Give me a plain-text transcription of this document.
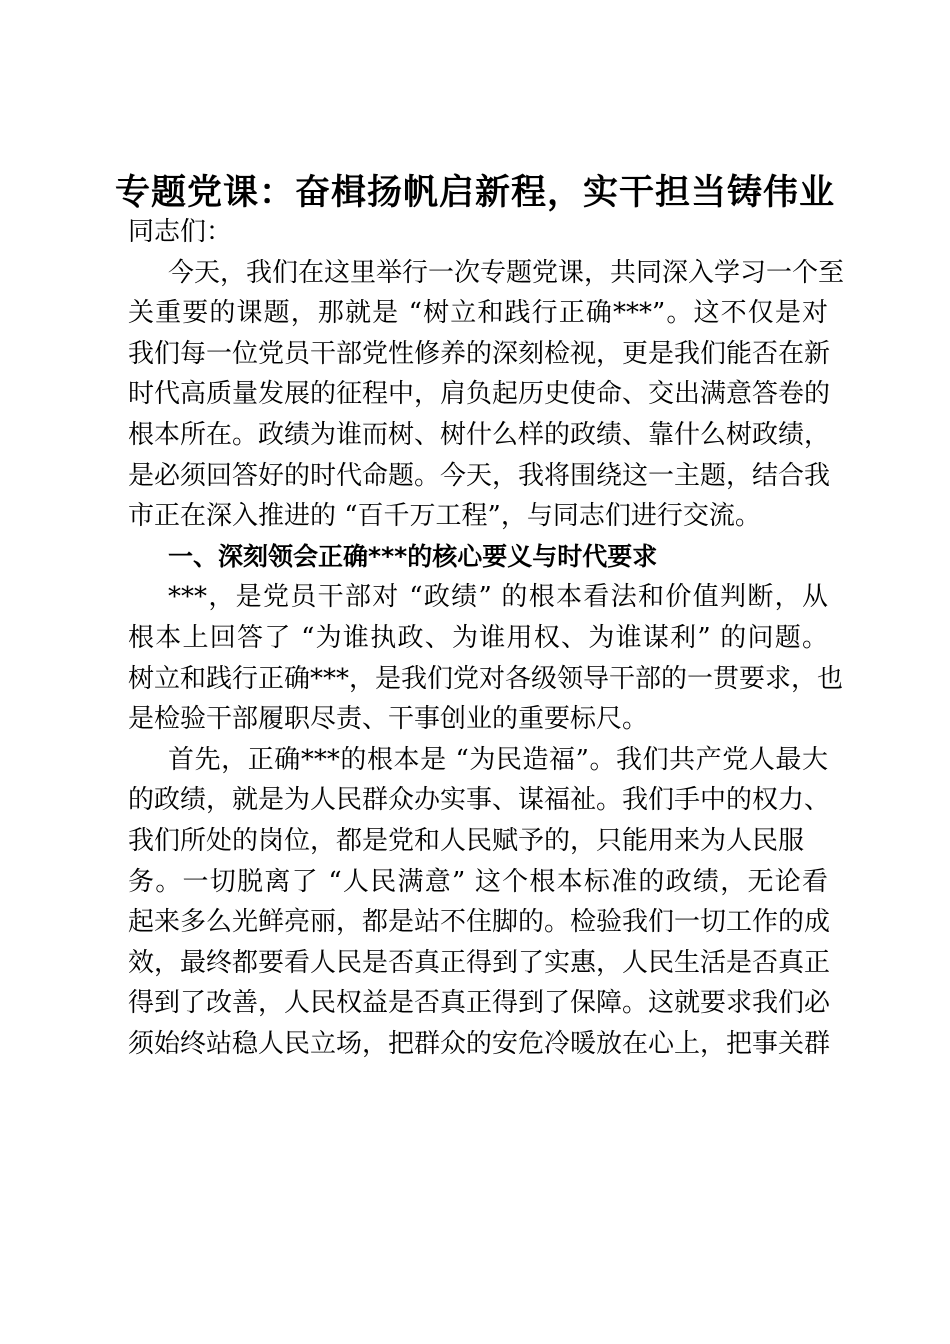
专题党课：奋楫扬帆启新程，实干担当铸伟业
同志们：
今天，我们在这里举行一次专题党课，共同深入学习一个至
关重要的课题，那就是 “树立和践行正确***”。这不仅是对
我们每一位党员干部党性修养的深刻检视，更是我们能否在新
时代高质量发展的征程中，肩负起历史使命、交出满意答卷的
根本所在。政绩为谁而树、树什么样的政绩、靠什么树政绩，
是必须回答好的时代命题。今天，我将围绕这一主题，结合我
市正在深入推进的 “百千万工程”，与同志们进行交流。
一、深刻领会正确***的核心要义与时代要求
***，是党员干部对 “政绩” 的根本看法和价值判断，从
根本上回答了 “为谁执政、为谁用权、为谁谋利” 的问题。
树立和践行正确***，是我们党对各级领导干部的一贯要求，也
是检验干部履职尽责、干事创业的重要标尺。
首先，正确***的根本是 “为民造福”。我们共产党人最大
的政绩，就是为人民群众办实事、谋福祉。我们手中的权力、
我们所处的岗位，都是党和人民赋予的，只能用来为人民服
务。一切脱离了 “人民满意” 这个根本标准的政绩，无论看
起来多么光鲜亮丽，都是站不住脚的。检验我们一切工作的成
效，最终都要看人民是否真正得到了实惠，人民生活是否真正
得到了改善，人民权益是否真正得到了保障。这就要求我们必
须始终站稳人民立场，把群众的安危冷暖放在心上，把事关群
